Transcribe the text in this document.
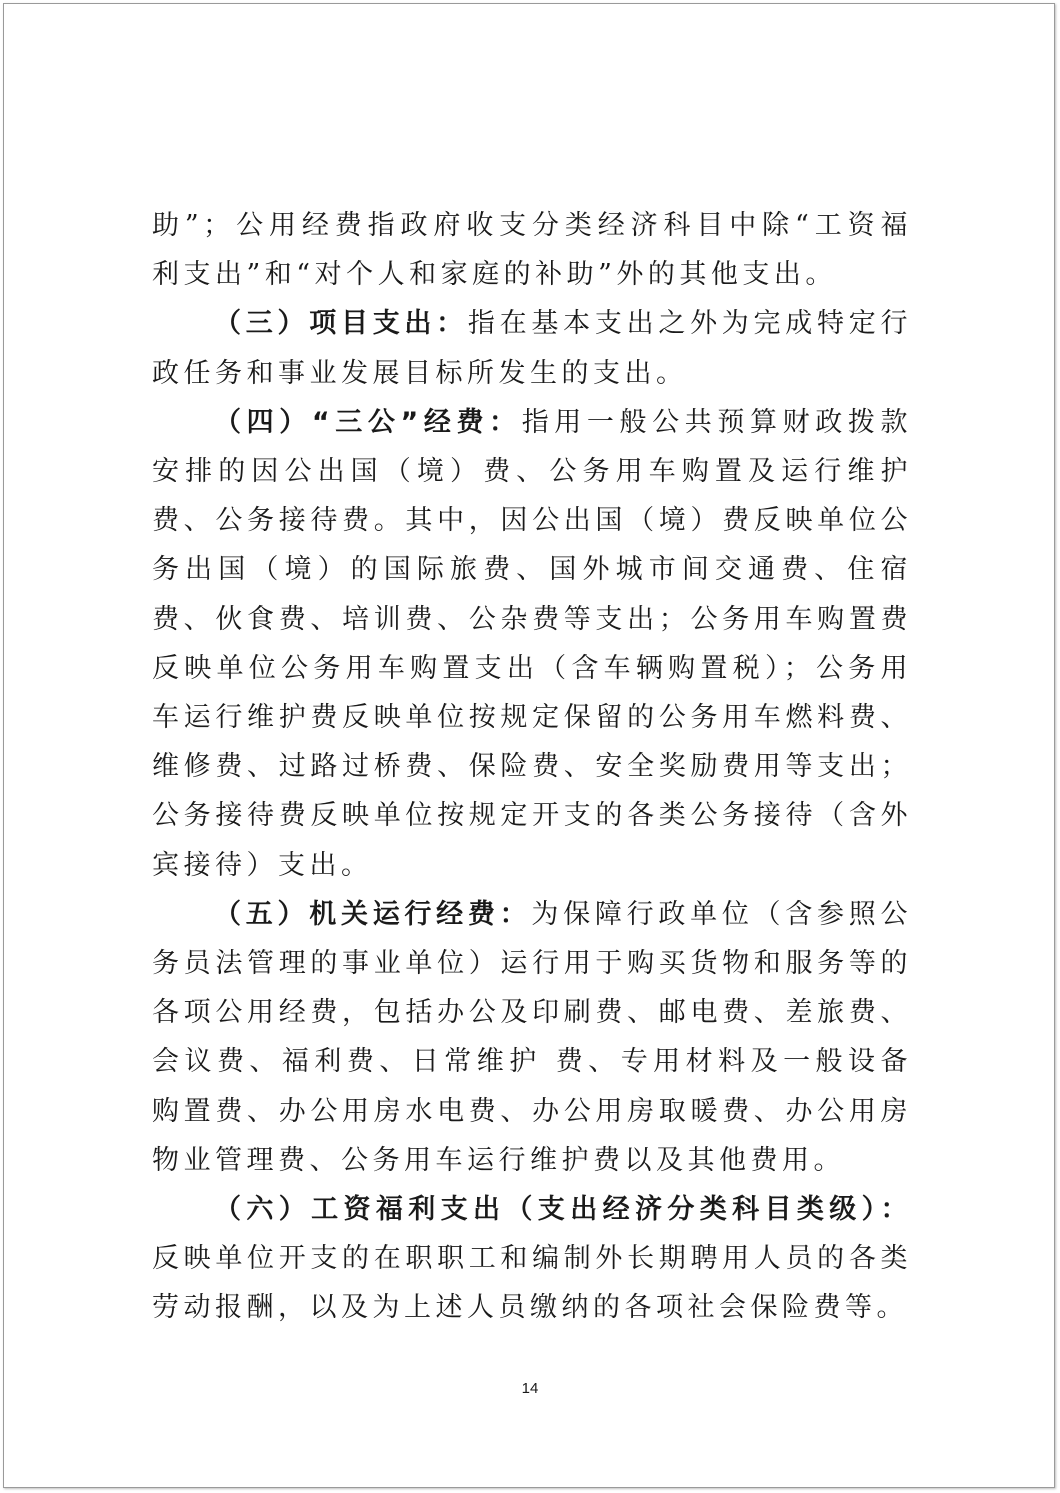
助”；公用经费指政府收支分类经济科目中除“工资福利支出”和“对个人和家庭的补助”外的其他支出。

（三）项目支出：指在基本支出之外为完成特定行政任务和事业发展目标所发生的支出。

（四）“三公”经费：指用一般公共预算财政拨款安排的因公出国（境）费、公务用车购置及运行维护费、公务接待费。其中，因公出国（境）费反映单位公务出国（境）的国际旅费、国外城市间交通费、住宿费、伙食费、培训费、公杂费等支出；公务用车购置费反映单位公务用车购置支出（含车辆购置税）；公务用车运行维护费反映单位按规定保留的公务用车燃料费、维修费、过路过桥费、保险费、安全奖励费用等支出；公务接待费反映单位按规定开支的各类公务接待（含外宾接待）支出。

（五）机关运行经费：为保障行政单位（含参照公务员法管理的事业单位）运行用于购买货物和服务等的各项公用经费，包括办公及印刷费、邮电费、差旅费、会议费、福利费、日常维护 费、专用材料及一般设备购置费、办公用房水电费、办公用房取暖费、办公用房物业管理费、公务用车运行维护费以及其他费用。

（六）工资福利支出（支出经济分类科目类级）：反映单位开支的在职职工和编制外长期聘用人员的各类劳动报酬，以及为上述人员缴纳的各项社会保险费等。

14
